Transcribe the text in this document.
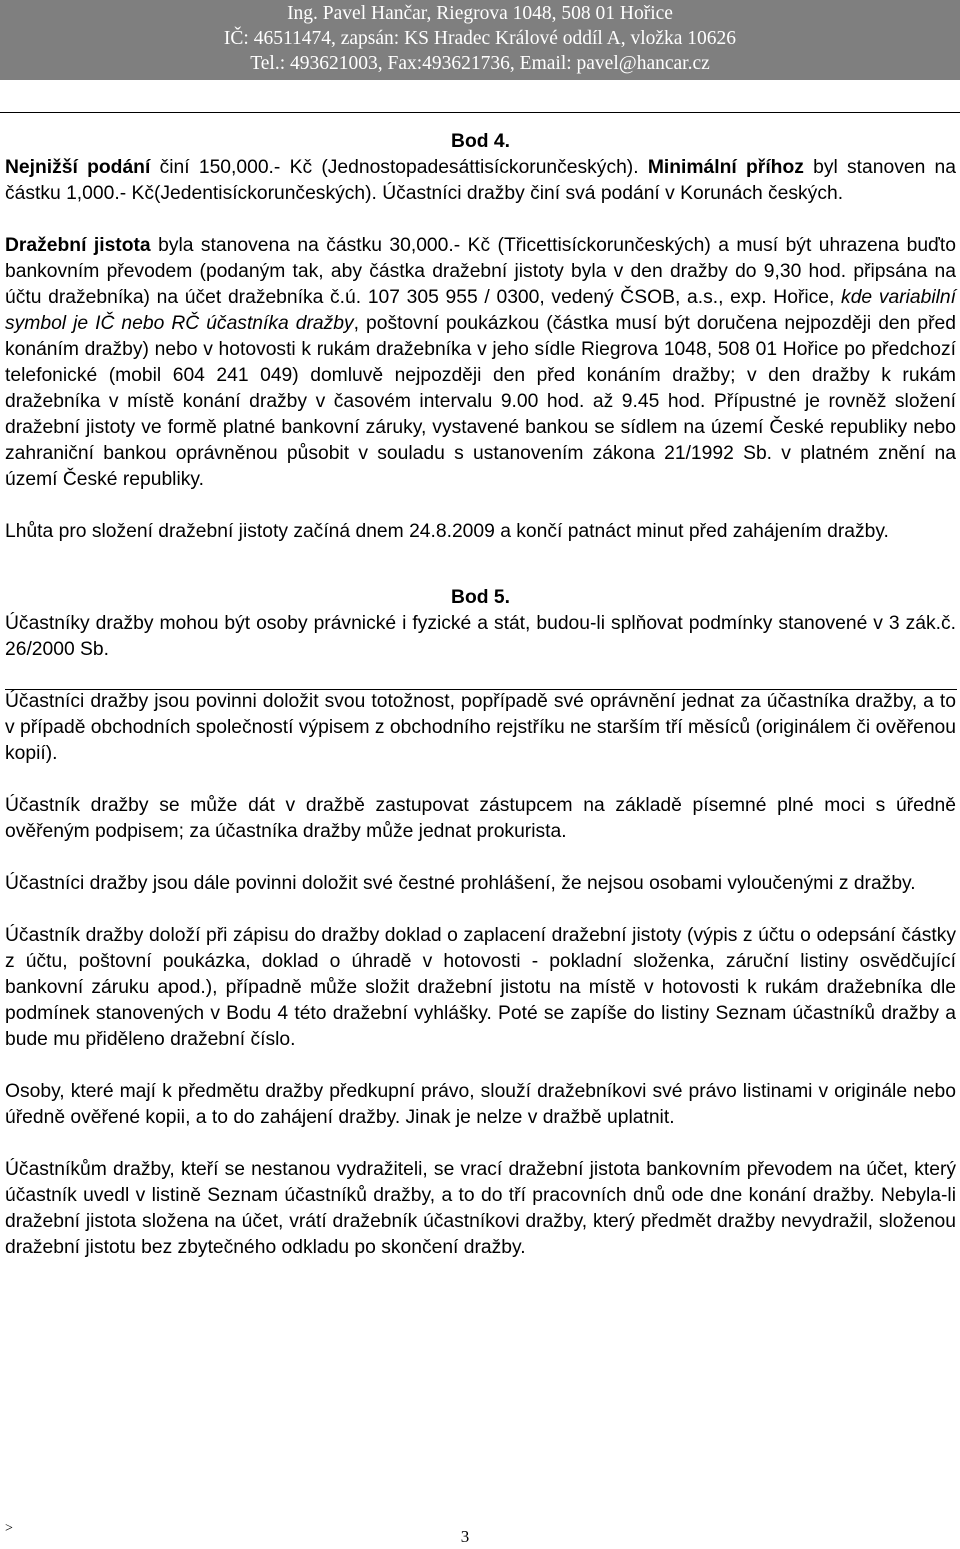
Ing. Pavel Hančar, Riegrova 1048, 508 01 Hořice
IČ: 46511474, zapsán: KS Hradec Králové oddíl A, vložka 10626
Tel.: 493621003, Fax:493621736, Email: pavel@hancar.cz

Bod 4.

Nejnižší podání činí 150,000.- Kč (Jednostopadesáttisíckorunčeských). Minimální příhoz byl stanoven na částku 1,000.- Kč(Jedentisíckorunčeských). Účastníci dražby činí svá podání v Korunách českých.

Dražební jistota byla stanovena na částku 30,000.- Kč (Třicettisíckorunčeských) a musí být uhrazena buďto bankovním převodem (podaným tak, aby částka dražební jistoty byla v den dražby do 9,30 hod. připsána na účtu dražebníka) na účet dražebníka č.ú. 107 305 955 / 0300, vedený ČSOB, a.s., exp. Hořice, kde variabilní symbol je IČ nebo RČ účastníka dražby, poštovní poukázkou (částka musí být doručena nejpozději den před konáním dražby) nebo v hotovosti k rukám dražebníka v jeho sídle Riegrova 1048, 508 01 Hořice po předchozí telefonické (mobil 604 241 049) domluvě nejpozději den před konáním dražby; v den dražby k rukám dražebníka v místě konání dražby v časovém intervalu 9.00 hod. až 9.45 hod. Přípustné je rovněž složení dražební jistoty ve formě platné bankovní záruky, vystavené bankou se sídlem na území České republiky nebo zahraniční bankou oprávněnou působit v souladu s ustanovením zákona 21/1992 Sb. v platném znění na území České republiky.

Lhůta pro složení dražební jistoty začíná dnem 24.8.2009 a končí patnáct minut před zahájením dražby.

Bod 5.

Účastníky dražby mohou být osoby právnické i fyzické a stát, budou-li splňovat podmínky stanovené v 3 zák.č. 26/2000 Sb.

Účastníci dražby jsou povinni doložit svou totožnost, popřípadě své oprávnění jednat za účastníka dražby, a to v případě obchodních společností výpisem z obchodního rejstříku ne starším tří měsíců (originálem či ověřenou kopií).

Účastník dražby se může dát v dražbě zastupovat zástupcem na základě písemné plné moci s úředně ověřeným podpisem; za účastníka dražby může jednat prokurista.

Účastníci dražby jsou dále povinni doložit své čestné prohlášení, že nejsou osobami vyloučenými z dražby.

Účastník dražby doloží při zápisu do dražby doklad o zaplacení dražební jistoty (výpis z účtu o odepsání částky z účtu, poštovní poukázka, doklad o úhradě v hotovosti - pokladní složenka, záruční listiny osvědčující bankovní záruku apod.), případně může složit dražební jistotu na místě v hotovosti k rukám dražebníka dle podmínek stanovených v Bodu 4 této dražební vyhlášky. Poté se zapíše do listiny Seznam účastníků dražby a bude mu přiděleno dražební číslo.

Osoby, které mají k předmětu dražby předkupní právo, slouží dražebníkovi své právo listinami v originále nebo úředně ověřené kopii, a to do zahájení dražby. Jinak je nelze v dražbě uplatnit.

Účastníkům dražby, kteří se nestanou vydražiteli, se vrací dražební jistota bankovním převodem na účet, který účastník uvedl v listině Seznam účastníků dražby, a to do tří pracovních dnů ode dne konání dražby. Nebyla-li dražební jistota složena na účet, vrátí dražebník účastníkovi dražby, který předmět dražby nevydražil, složenou dražební jistotu bez zbytečného odkladu po skončení dražby.

>	3
